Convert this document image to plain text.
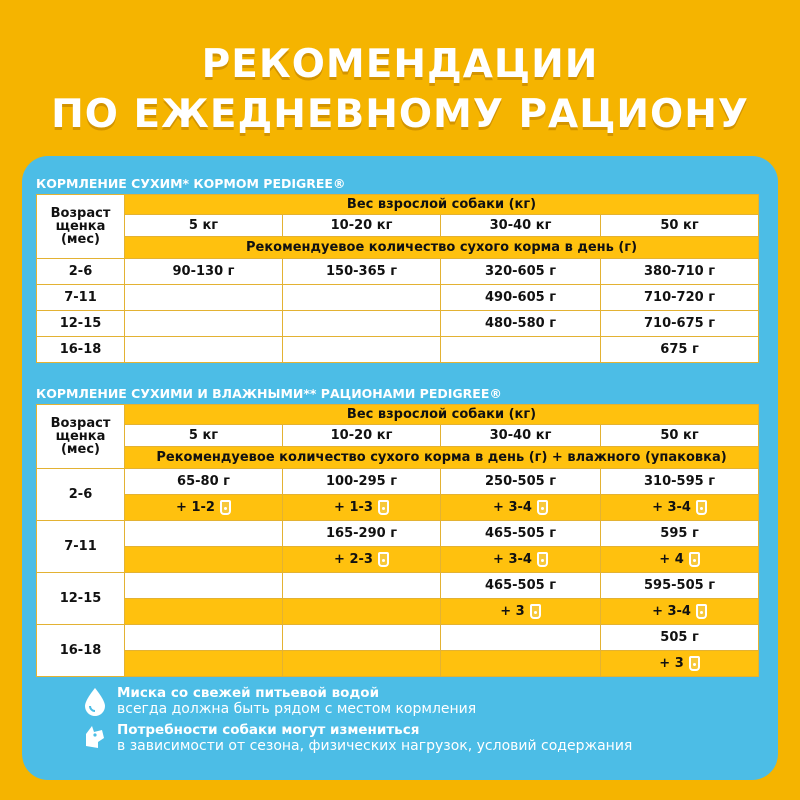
РЕКОМЕНДАЦИИ
ПО ЕЖЕДНЕВНОМУ РАЦИОНУ
КОРМЛЕНИЕ СУХИМ* КОРМОМ PEDIGREE®
Возраст щенка (мес)	Вес взрослой собаки (кг)			
	5 кг	10-20 кг	30-40 кг	50 кг
	Рекомендуевое количество сухого корма в день (г)			
2-6	90-130 г	150-365 г	320-605 г	380-710 г
7-11			490-605 г	710-720 г
12-15			480-580 г	710-675 г
16-18				675 г
КОРМЛЕНИЕ СУХИМИ И ВЛАЖНЫМИ** РАЦИОНАМИ PEDIGREE®
Возраст щенка (мес)	Вес взрослой собаки (кг)			
	5 кг	10-20 кг	30-40 кг	50 кг
	Рекомендуевое количество сухого корма в день (г) + влажного (упаковка)			
2-6	65-80 г	100-295 г	250-505 г	310-595 г
	+ 1-2	+ 1-3	+ 3-4	+ 3-4
7-11		165-290 г	465-505 г	595 г
		+ 2-3	+ 3-4	+ 4
12-15			465-505 г	595-505 г
			+ 3	+ 3-4
16-18				505 г
				+ 3
Миска со свежей питьевой водой
всегда должна быть рядом с местом кормления
Потребности собаки могут измениться
в зависимости от сезона, физических нагрузок, условий содержания
